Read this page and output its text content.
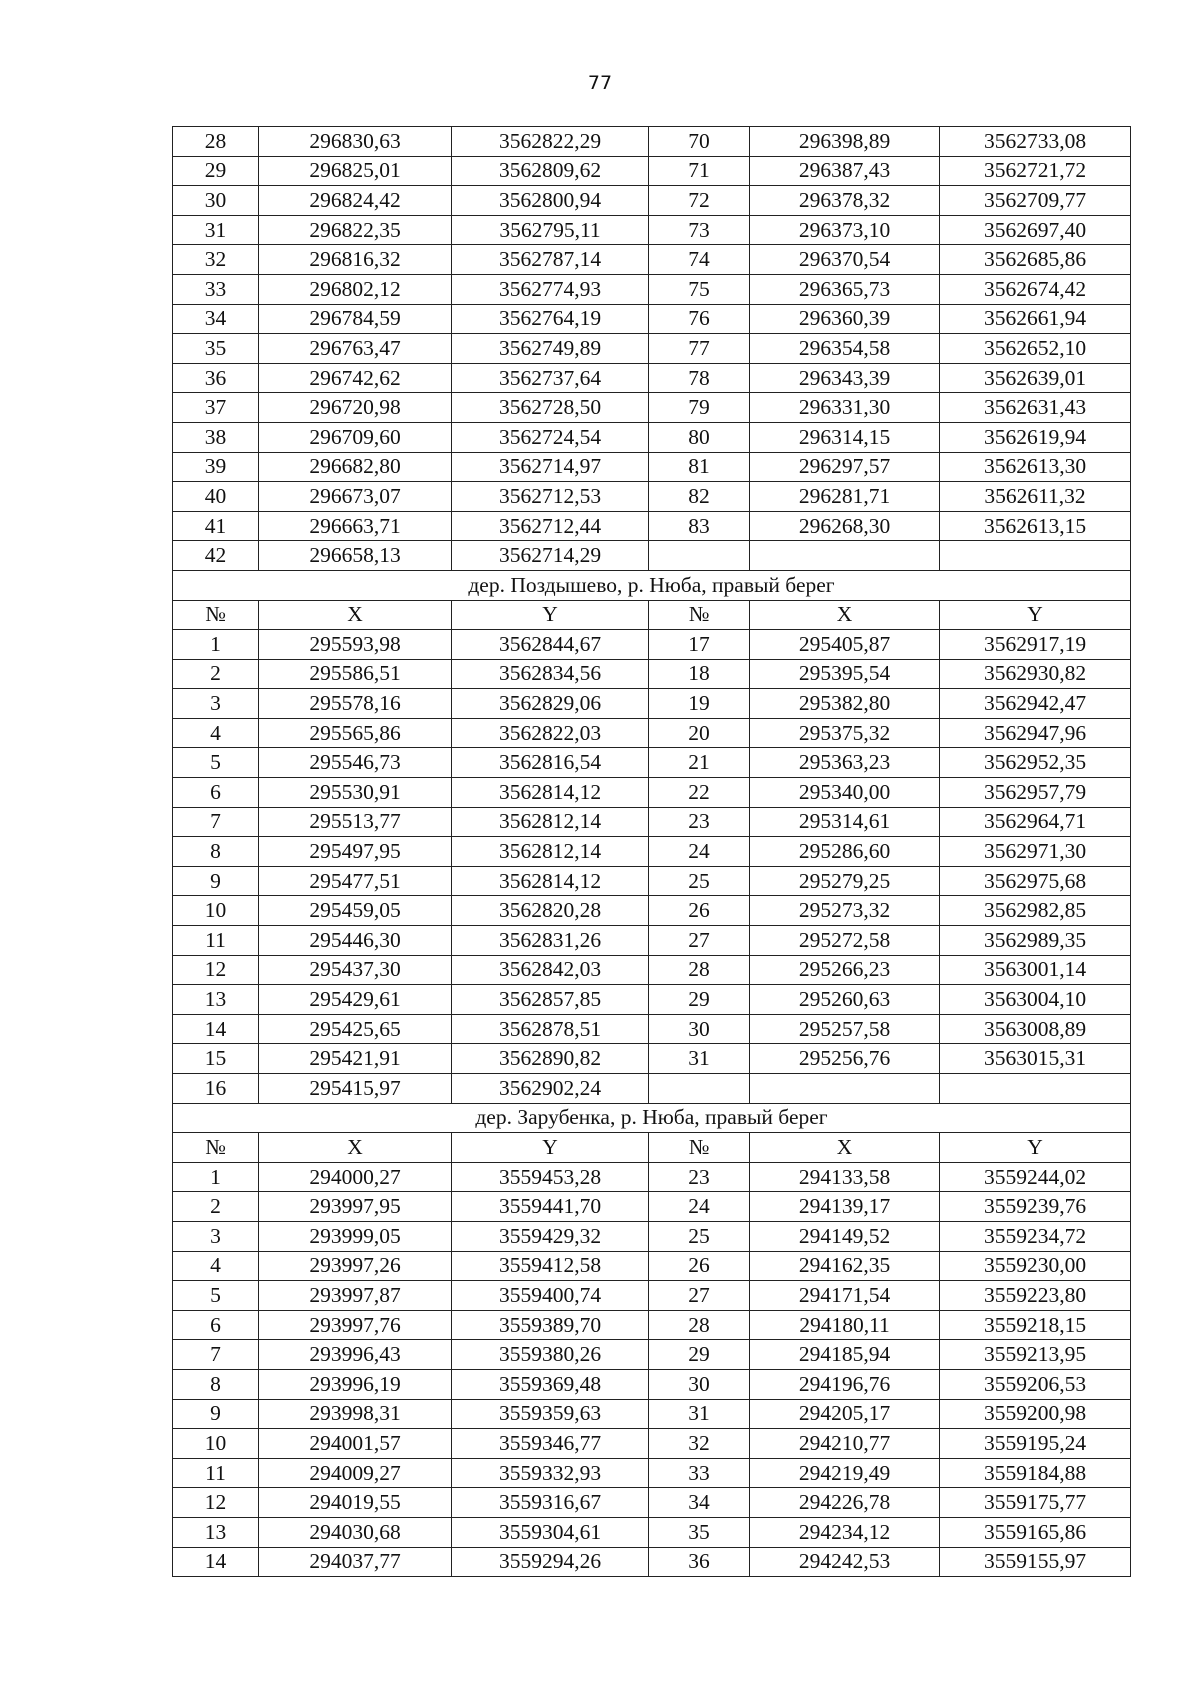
77
28	296830,63	3562822,29	70	296398,89	3562733,08
29	296825,01	3562809,62	71	296387,43	3562721,72
30	296824,42	3562800,94	72	296378,32	3562709,77
31	296822,35	3562795,11	73	296373,10	3562697,40
32	296816,32	3562787,14	74	296370,54	3562685,86
33	296802,12	3562774,93	75	296365,73	3562674,42
34	296784,59	3562764,19	76	296360,39	3562661,94
35	296763,47	3562749,89	77	296354,58	3562652,10
36	296742,62	3562737,64	78	296343,39	3562639,01
37	296720,98	3562728,50	79	296331,30	3562631,43
38	296709,60	3562724,54	80	296314,15	3562619,94
39	296682,80	3562714,97	81	296297,57	3562613,30
40	296673,07	3562712,53	82	296281,71	3562611,32
41	296663,71	3562712,44	83	296268,30	3562613,15
42	296658,13	3562714,29			
дер. Поздышево, р. Нюба, правый берег					
№	X	Y	№	X	Y
1	295593,98	3562844,67	17	295405,87	3562917,19
2	295586,51	3562834,56	18	295395,54	3562930,82
3	295578,16	3562829,06	19	295382,80	3562942,47
4	295565,86	3562822,03	20	295375,32	3562947,96
5	295546,73	3562816,54	21	295363,23	3562952,35
6	295530,91	3562814,12	22	295340,00	3562957,79
7	295513,77	3562812,14	23	295314,61	3562964,71
8	295497,95	3562812,14	24	295286,60	3562971,30
9	295477,51	3562814,12	25	295279,25	3562975,68
10	295459,05	3562820,28	26	295273,32	3562982,85
11	295446,30	3562831,26	27	295272,58	3562989,35
12	295437,30	3562842,03	28	295266,23	3563001,14
13	295429,61	3562857,85	29	295260,63	3563004,10
14	295425,65	3562878,51	30	295257,58	3563008,89
15	295421,91	3562890,82	31	295256,76	3563015,31
16	295415,97	3562902,24			
дер. Зарубенка, р. Нюба, правый берег					
№	X	Y	№	X	Y
1	294000,27	3559453,28	23	294133,58	3559244,02
2	293997,95	3559441,70	24	294139,17	3559239,76
3	293999,05	3559429,32	25	294149,52	3559234,72
4	293997,26	3559412,58	26	294162,35	3559230,00
5	293997,87	3559400,74	27	294171,54	3559223,80
6	293997,76	3559389,70	28	294180,11	3559218,15
7	293996,43	3559380,26	29	294185,94	3559213,95
8	293996,19	3559369,48	30	294196,76	3559206,53
9	293998,31	3559359,63	31	294205,17	3559200,98
10	294001,57	3559346,77	32	294210,77	3559195,24
11	294009,27	3559332,93	33	294219,49	3559184,88
12	294019,55	3559316,67	34	294226,78	3559175,77
13	294030,68	3559304,61	35	294234,12	3559165,86
14	294037,77	3559294,26	36	294242,53	3559155,97
